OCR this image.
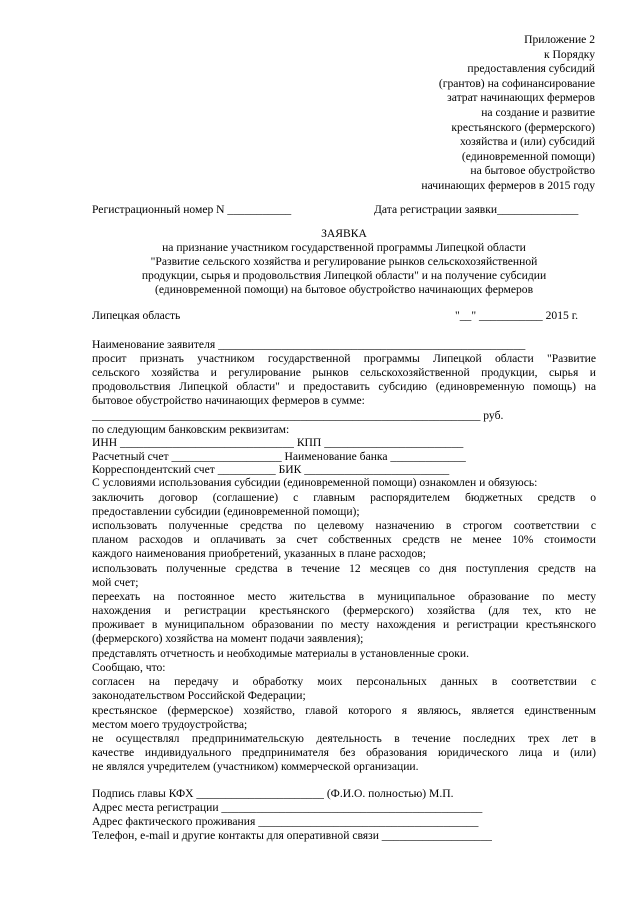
Приложение 2
к Порядку
предоставления субсидий
(грантов) на софинансирование
затрат начинающих фермеров
на создание и развитие
крестьянского (фермерского)
хозяйства и (или) субсидий
(единовременной помощи)
на бытовое обустройство
начинающих фермеров в 2015 году
Регистрационный номер N ___________	Дата регистрации заявки______________
ЗАЯВКА
на признание участником государственной программы Липецкой области
"Развитие сельского хозяйства и регулирование рынков сельскохозяйственной
продукции, сырья и продовольствия Липецкой области" и на получение субсидии
(единовременной помощи) на бытовое обустройство начинающих фермеров
Липецкая область	"__" ___________ 2015 г.
Наименование заявителя _____________________________________________________
просит признать участником государственной программы Липецкой области "Развитие
сельского хозяйства и регулирование рынков сельскохозяйственной продукции, сырья и
продовольствия Липецкой области" и предоставить субсидию (единовременную помощь) на
бытовое обустройство начинающих фермеров в сумме:
___________________________________________________________________ руб.
по следующим банковским реквизитам:
ИНН ______________________________ КПП ________________________
Расчетный счет ___________________ Наименование банка _____________
Корреспондентский счет __________ БИК _________________________
С условиями использования субсидии (единовременной помощи) ознакомлен и обязуюсь:
заключить договор (соглашение) с главным распорядителем бюджетных средств о
предоставлении субсидии (единовременной помощи);
использовать полученные средства по целевому назначению в строгом соответствии с
планом расходов и оплачивать за счет собственных средств не менее 10% стоимости
каждого наименования приобретений, указанных в плане расходов;
использовать полученные средства в течение 12 месяцев со дня поступления средств на
мой счет;
переехать на постоянное место жительства в муниципальное образование по месту
нахождения и регистрации крестьянского (фермерского) хозяйства (для тех, кто не
проживает в муниципальном образовании по месту нахождения и регистрации крестьянского
(фермерского) хозяйства на момент подачи заявления);
представлять отчетность и необходимые материалы в установленные сроки.
Сообщаю, что:
согласен на передачу и обработку моих персональных данных в соответствии с
законодательством Российской Федерации;
крестьянское (фермерское) хозяйство, главой которого я являюсь, является единственным
местом моего трудоустройства;
не осуществлял предпринимательскую деятельность в течение последних трех лет в
качестве индивидуального предпринимателя без образования юридического лица и (или)
не являлся учредителем (участником) коммерческой организации.
Подпись главы КФХ ______________________ (Ф.И.О. полностью) М.П.
Адрес места регистрации _____________________________________________
Адрес фактического проживания ______________________________________
Телефон, e-mail и другие контакты для оперативной связи ___________________
